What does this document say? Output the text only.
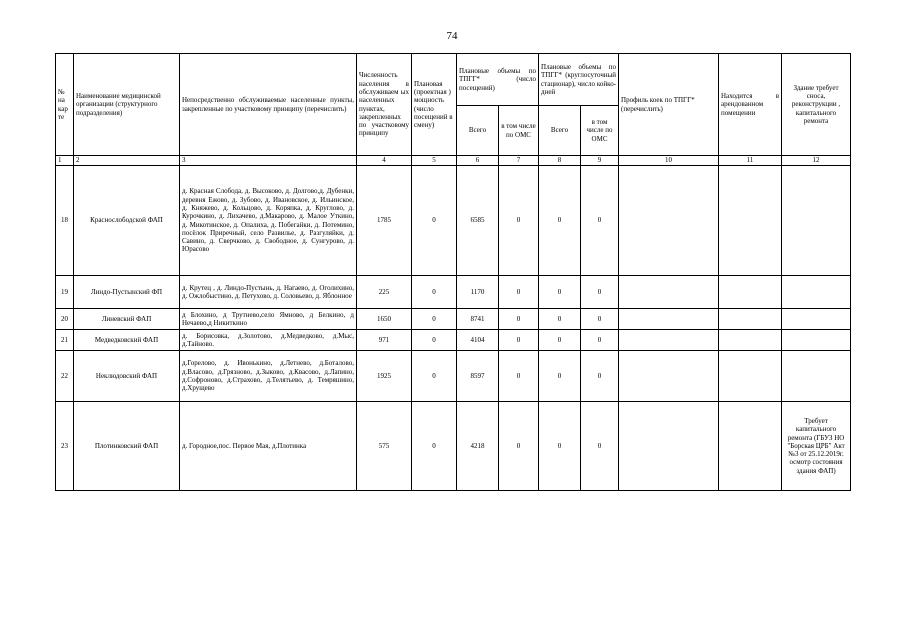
74
№ на кар те	Наименование медицинской организации (структурного подразделения)	Непосредственно обслуживаемые населенные пункты, закрепленные по участковому принципу (перечислить)	Численность населения в обслуживаем ых населенных пунктах, закрепленных по участковому принципу	Плановая (проектная ) мощность (число посещений в смену)	Плановые объемы по ТПГГ* (число посещений)		Плановые объемы по ТПГГ* (круглосуточный стационар), число койко-дней		Профиль коек по ТПГГ* (перечислить)	Находится в арендованном помещении	Здание требует сноса, реконструкции , капитального ремонта
					Всего	в том числе по ОМС	Всего	в том числе по ОМС			
1	2	3	4	5	6	7	8	9	10	11	12
18	Краснослободской ФАП	д. Красная Слобода, д. Высоково, д. Долгово,д. Дубенки, деревня Ежово, д. Зубово, д. Ивановское, д. Ильинское, д. Княжево, д. Кольцово, д. Коряпка, д. Круглово, д. Курочкино, д. Лихачево, д.Макарово, д. Малое Уткино, д. Микотинское, д. Опалиха, д. Побегайки, д. Потемино, посёлок Приречный, село Развилье, д. Разгуляйки, д. Савино, д. Сверчково, д. Свободное, д. Сунгурово, д. Юрасово	1785	0	6585	0	0	0			
19	Линдо-Пустынский ФП	д. Крутец , д. Линдо-Пустынь, д. Нагаево, д. Оголихино, д. Ожлобыстино, д. Петухово, д. Соловьево, д. Яблонное	225	0	1170	0	0	0			
20	Линевский ФАП	д Блохино, д Трутнево,село Ямново, д Белкино, д Нечаево,д Никиткино	1650	0	8741	0	0	0			
21	Медведковский ФАП	д. Борисовка, д.Золотово, д.Медведково, д.Мыс, д.Тайново.	971	0	4104	0	0	0			
22	Неклюдовский ФАП	д.Горелово, д. Ивонькино, д.Летнево, д.Боталово, д.Власово, д.Грязново, д.Зыково, д.Квасово, д.Лапино, д.Софроново, д.Страхово, д.Телятьево, д. Темряшино, д.Хрущево	1925	0	8597	0	0	0			
23	Плотинковский ФАП	д. Городное,пос. Первое Мая, д.Плотинка	575	0	4218	0	0	0			Требует капитального ремонта (ГБУЗ НО "Борская ЦРБ" Акт №3 от 25.12.2019г. осмотр состояния здания ФАП)
